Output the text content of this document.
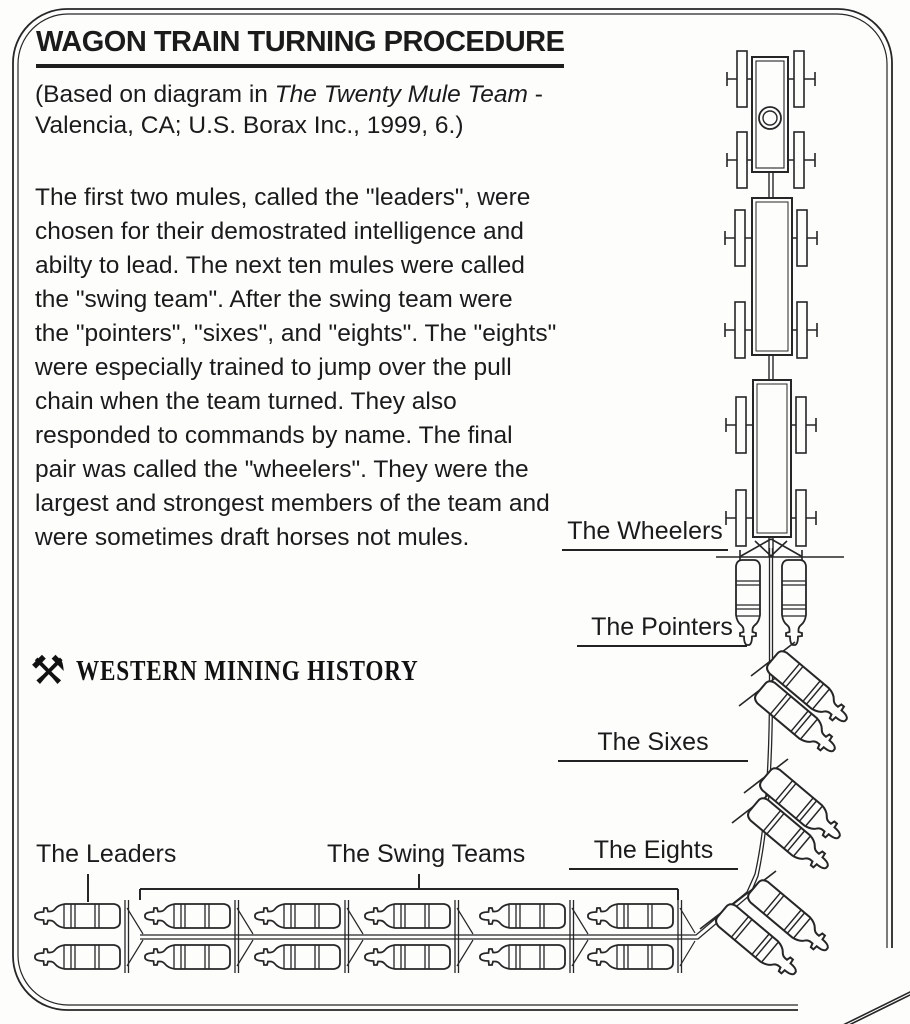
WAGON TRAIN TURNING PROCEDURE
(Based on diagram in The Twenty Mule Team -
Valencia, CA; U.S. Borax Inc., 1999, 6.)
The first two mules, called the "leaders", were
chosen for their demostrated intelligence and
abilty to lead. The next ten mules were called
the "swing team". After the swing team were
the "pointers", "sixes", and "eights". The "eights"
were especially trained to jump over the pull
chain when the team turned. They also
responded to commands by name. The final
pair was called the "wheelers". They were the
largest and strongest members of the team and
were sometimes draft horses not mules.
⚒ WESTERN MINING HISTORY
The Wheelers
The Pointers
The Sixes
The Eights
The Leaders	The Swing Teams
